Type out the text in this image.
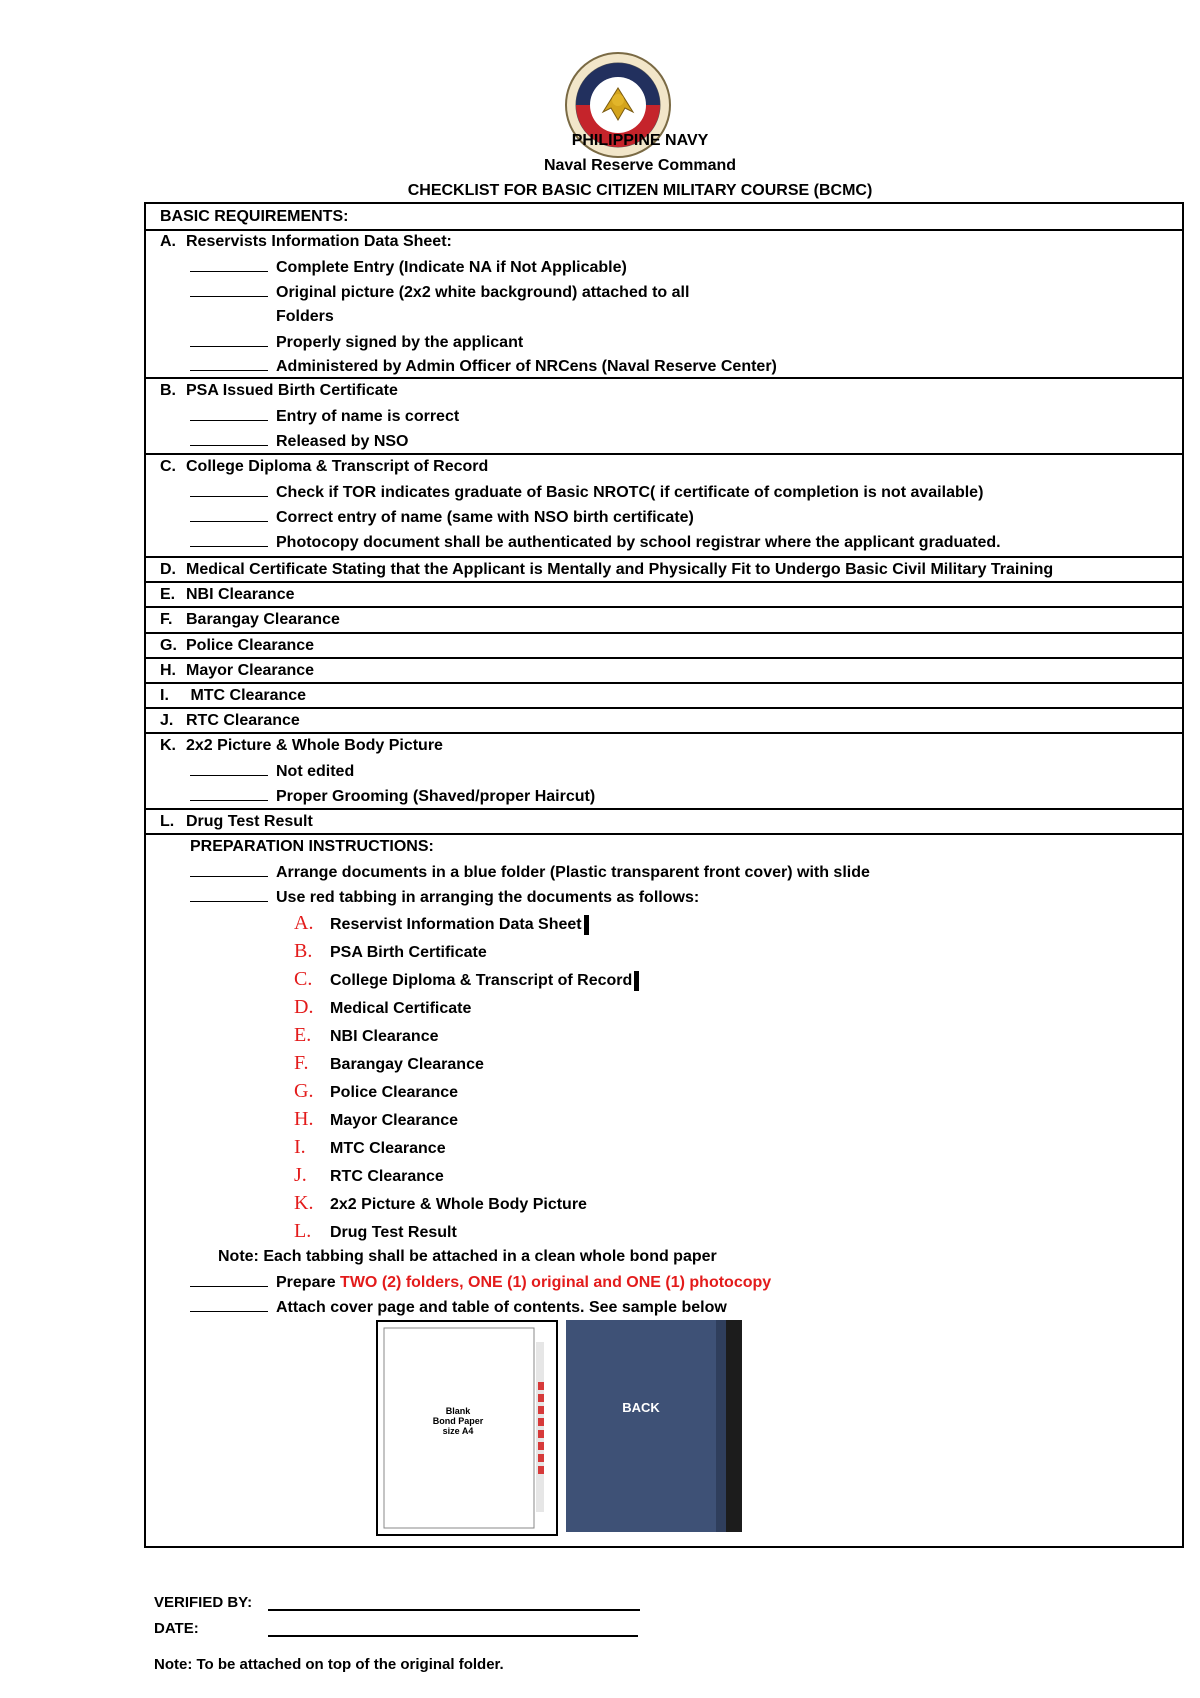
PHILIPPINE NAVY
Naval Reserve Command
CHECKLIST FOR BASIC CITIZEN MILITARY COURSE (BCMC)
BASIC REQUIREMENTS:
A. Reservists Information Data Sheet:
Complete Entry (Indicate NA if Not Applicable)
Original picture (2x2 white background) attached to all
Folders
Properly signed by the applicant
Administered by Admin Officer of NRCens (Naval Reserve Center)
B. PSA Issued Birth Certificate
Entry of name is correct
Released by NSO
C. College Diploma & Transcript of Record
Check if TOR indicates graduate of Basic NROTC( if certificate of completion is not available)
Correct entry of name (same with NSO birth certificate)
Photocopy document shall be authenticated by school registrar where the applicant graduated.
D. Medical Certificate Stating that the Applicant is Mentally and Physically Fit to Undergo Basic Civil Military Training
E. NBI Clearance
F. Barangay Clearance
G. Police Clearance
H. Mayor Clearance
I. MTC Clearance
J. RTC Clearance
K. 2x2 Picture & Whole Body Picture
Not edited
Proper Grooming (Shaved/proper Haircut)
L. Drug Test Result
PREPARATION INSTRUCTIONS:
Arrange documents in a blue folder (Plastic transparent front cover) with slide
Use red tabbing in arranging the documents as follows:
A. Reservist Information Data Sheet
B. PSA Birth Certificate
C. College Diploma & Transcript of Record
D. Medical Certificate
E. NBI Clearance
F. Barangay Clearance
G. Police Clearance
H. Mayor Clearance
I. MTC Clearance
J. RTC Clearance
K. 2x2 Picture & Whole Body Picture
L. Drug Test Result
Note: Each tabbing shall be attached in a clean whole bond paper
Prepare TWO (2) folders, ONE (1) original and ONE (1) photocopy
Attach cover page and table of contents. See sample below
Blank
Bond Paper
size A4
BACK
VERIFIED BY:
DATE:
Note: To be attached on top of the original folder.
